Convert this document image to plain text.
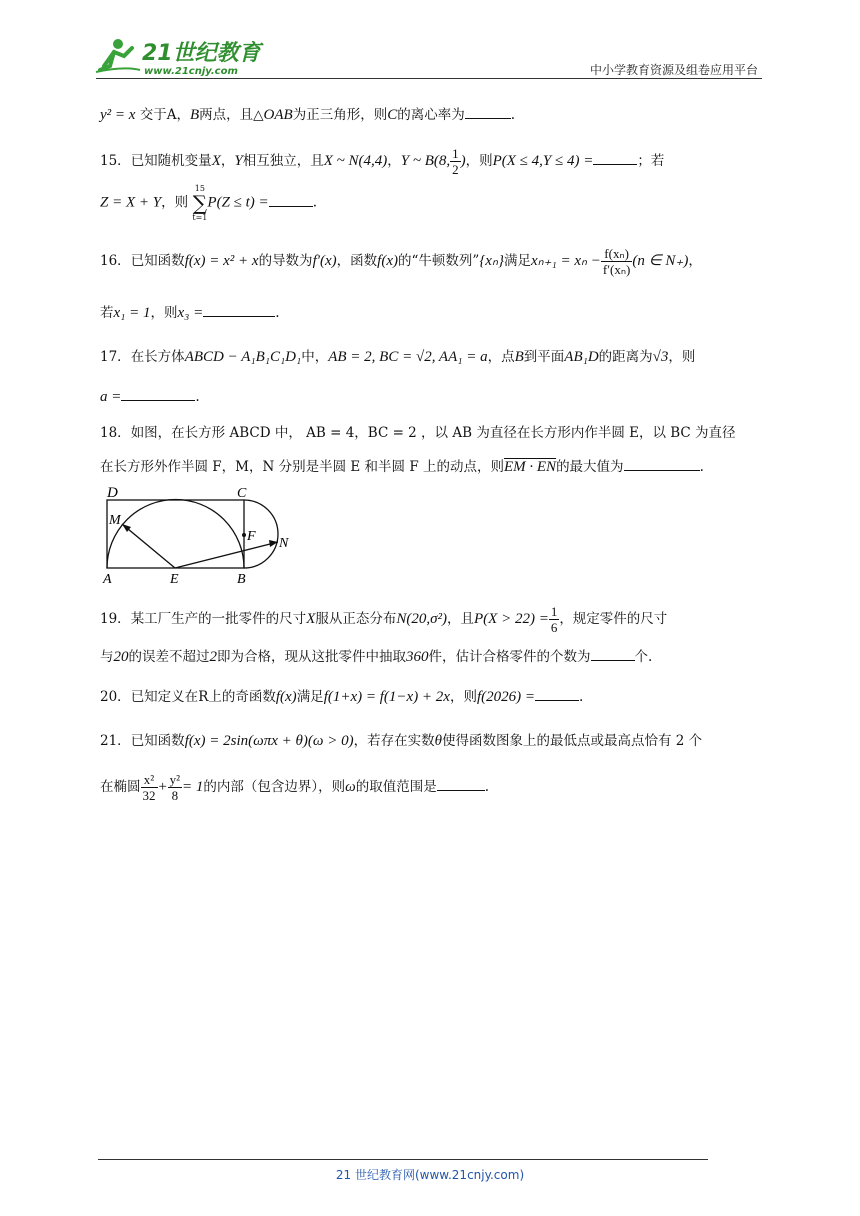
21世纪教育
www.21cnjy.com	中小学教育资源及组卷应用平台
y² = x 交于A，B两点，且△OAB为正三角形，则C的离心率为	.
15．已知随机变量X，Y相互独立，且X ~ N(4,4)，Y ~ B(8, $\frac{1}{2}$ )，则P(X ≤ 4,Y ≤ 4) =	；若
Z = X + Y，则
15
∑
t=1
P(Z ≤ t) =	.
16．已知函数f(x) = x² + x的导数为f′(x)，函数f(x)的“牛顿数列”{xₙ}满足$x_{n+1} = x_n - \frac{\text{f(xₙ)}}{\text{f′(xₙ)}} (n$ ∈ N₊)，
若x₁ = 1，则x₃ =	.
17．在长方体ABCD − A₁B₁C₁D₁中，AB = 2, BC = √2, AA₁ = a，点B到平面AB₁D的距离为√3，则
a =	.
18．如图，在长方形 ABCD 中， AB = 4，BC = 2 ，以 AB 为直径在长方形内作半圆 E，以 BC 为直径
在长方形外作半圆 F，M，N 分别是半圆 E 和半圆 F 上的动点，则EM · EN的最大值为	.
D	C
M
F N
A	E	B
19．某工厂生产的一批零件的尺寸X服从正态分布N(20,σ²)，且$P(X > 22) = \frac{1}{6}$ ，规定零件的尺寸
与20的误差不超过2即为合格，现从这批零件中抽取360件，估计合格零件的个数为	个.
20．已知定义在R上的奇函数f(x)满足f(1+x) = f(1−x) + 2x，则f(2026) =	.
21．已知函数f(x) = 2sin(ωπx + θ)(ω > 0)，若存在实数θ使得函数图象上的最低点或最高点恰有 2 个
在椭圆 $\frac{\text{x²}}{32} + \frac{\text{y²}}{8} = 1$的内部（包含边界），则ω的取值范围是	.
21 世纪教育网(www.21cnjy.com)
